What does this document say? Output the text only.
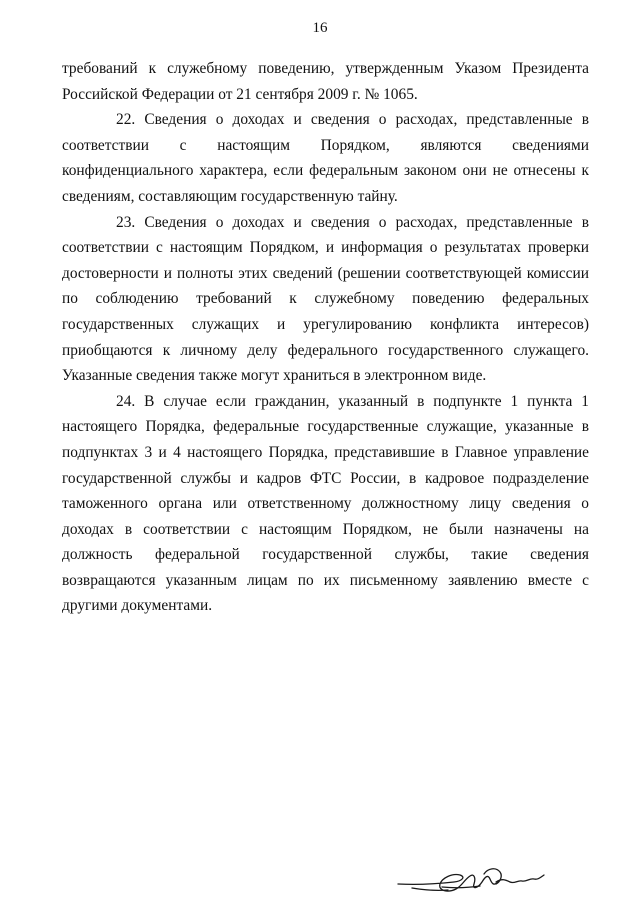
16

требований к служебному поведению, утвержденным Указом Президента Российской Федерации от 21 сентября 2009 г. № 1065.

22. Сведения о доходах и сведения о расходах, представленные в соответствии с настоящим Порядком, являются сведениями конфиденциального характера, если федеральным законом они не отнесены к сведениям, составляющим государственную тайну.

23. Сведения о доходах и сведения о расходах, представленные в соответствии с настоящим Порядком, и информация о результатах проверки достоверности и полноты этих сведений (решении соответствующей комиссии по соблюдению требований к служебному поведению федеральных государственных служащих и урегулированию конфликта интересов) приобщаются к личному делу федерального государственного служащего. Указанные сведения также могут храниться в электронном виде.

24. В случае если гражданин, указанный в подпункте 1 пункта 1 настоящего Порядка, федеральные государственные служащие, указанные в подпунктах 3 и 4 настоящего Порядка, представившие в Главное управление государственной службы и кадров ФТС России, в кадровое подразделение таможенного органа или ответственному должностному лицу сведения о доходах в соответствии с настоящим Порядком, не были назначены на должность федеральной государственной службы, такие сведения возвращаются указанным лицам по их письменному заявлению вместе с другими документами.
